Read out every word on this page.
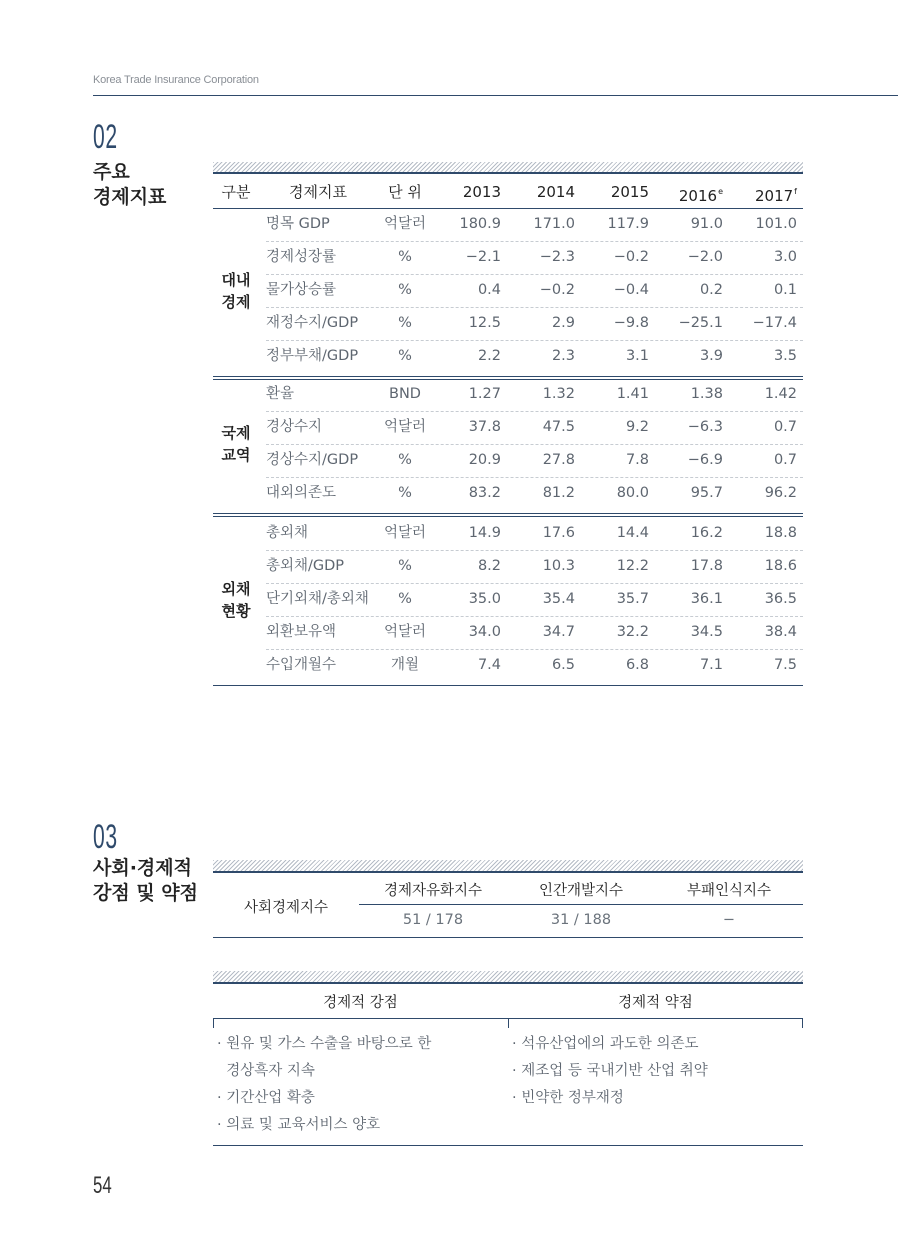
Korea Trade Insurance Corporation
02
주요
경제지표	구분	경제지표	단 위	2013	2014	2015	2016e	2017$^f$
대내
경제
명목 GDP	억달러	180.9	171.0	117.9	91.0	101.0
경제성장률	%	−2.1	−2.3	−0.2	−2.0	3.0
물가상승률	%	0.4	−0.2	−0.4	0.2	0.1
재정수지/GDP	%	12.5	2.9	−9.8	−25.1	−17.4
정부부채/GDP	%	2.2	2.3	3.1	3.9	3.5
국제
교역
환율	BND	1.27	1.32	1.41	1.38	1.42
경상수지	억달러	37.8	47.5	9.2	−6.3	0.7
경상수지/GDP	%	20.9	27.8	7.8	−6.9	0.7
대외의존도	%	83.2	81.2	80.0	95.7	96.2
외채
현황
총외채	억달러	14.9	17.6	14.4	16.2	18.8
총외채/GDP	%	8.2	10.3	12.2	17.8	18.6
단기외채/총외채	%	35.0	35.4	35.7	36.1	36.5
외환보유액	억달러	34.0	34.7	32.2	34.5	38.4
수입개월수	개월	7.4	6.5	6.8	7.1	7.5
03
사회·경제적
강점 및 약점
사회경제지수
경제자유화지수	인간개발지수	부패인식지수
51 / 178	31 / 188	−
경제적 강점	경제적 약점
· 원유 및 가스 수출을 바탕으로 한
경상흑자 지속
· 기간산업 확충
· 의료 및 교육서비스 양호
· 석유산업에의 과도한 의존도
· 제조업 등 국내기반 산업 취약
· 빈약한 정부재정
54
